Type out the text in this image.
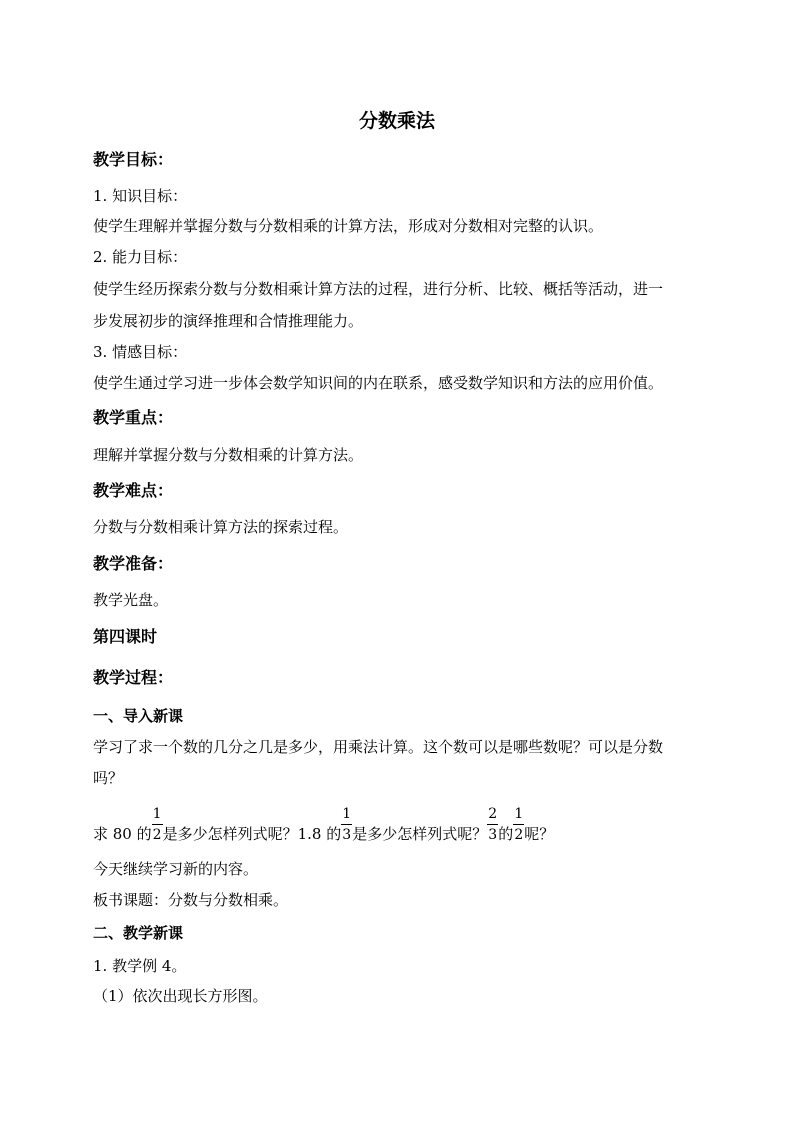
分数乘法
教学目标：
1. 知识目标：
使学生理解并掌握分数与分数相乘的计算方法，形成对分数相对完整的认识。
2. 能力目标：
使学生经历探索分数与分数相乘计算方法的过程，进行分析、比较、概括等活动，进一
步发展初步的演绎推理和合情推理能力。
3. 情感目标：
使学生通过学习进一步体会数学知识间的内在联系，感受数学知识和方法的应用价值。
教学重点：
理解并掌握分数与分数相乘的计算方法。
教学难点：
分数与分数相乘计算方法的探索过程。
教学准备：
教学光盘。
第四课时
教学过程：
一、导入新课
学习了求一个数的几分之几是多少，用乘法计算。这个数可以是哪些数呢？可以是分数
吗？
求 80 的 $\frac{1}{2}$ 是多少怎样列式呢？1.8 的 $\frac{1}{3}$ 是多少怎样列式呢？ $\frac{2}{3}$ 的 $\frac{1}{2}$ 呢？
今天继续学习新的内容。
板书课题：分数与分数相乘。
二、教学新课
1. 教学例 4。
（1）依次出现长方形图。
